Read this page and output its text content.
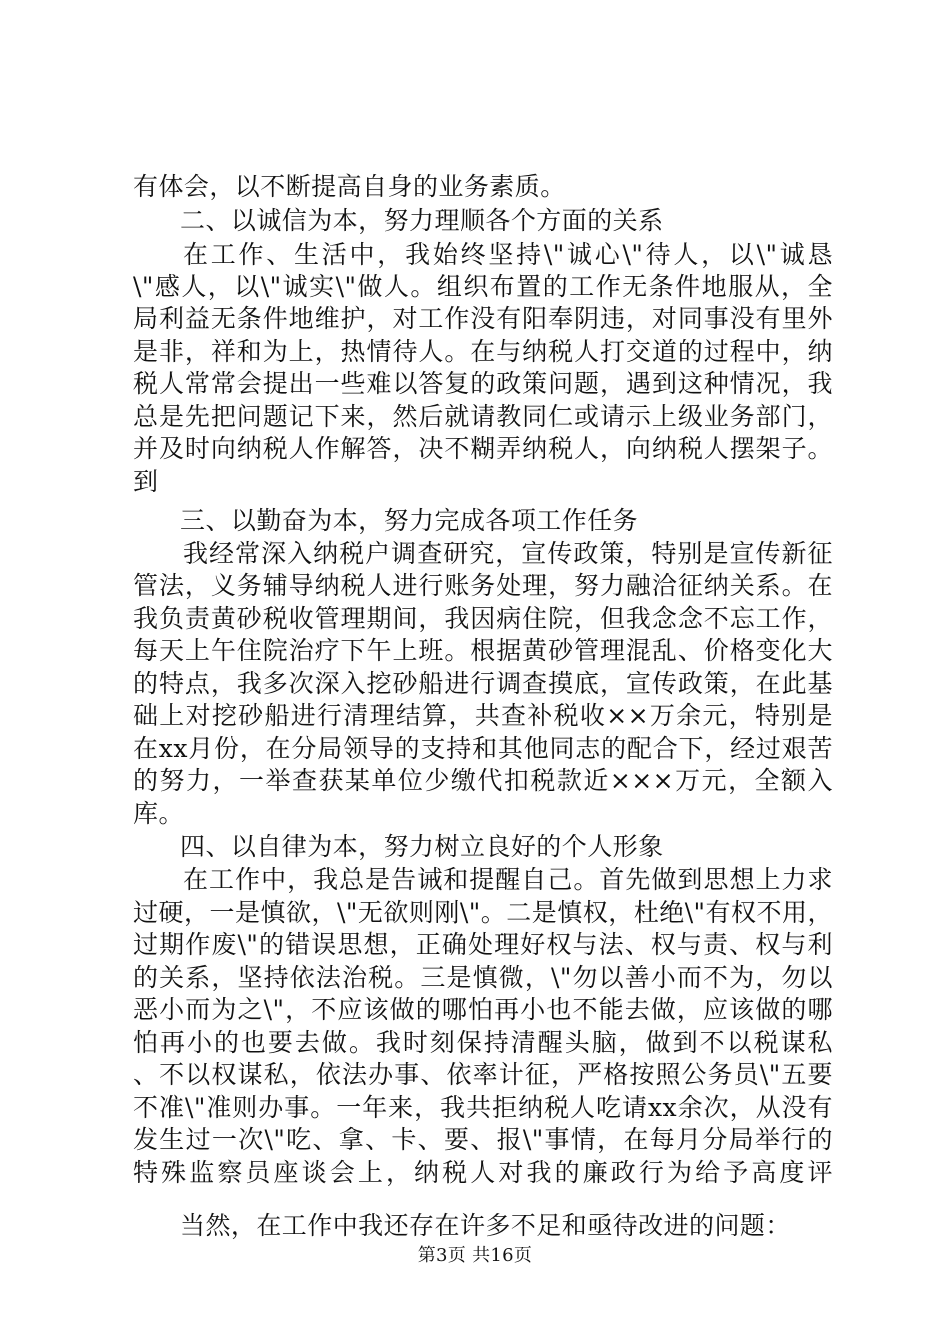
有体会，以不断提高自身的业务素质。
二、以诚信为本，努力理顺各个方面的关系
在工作、生活中，我始终坚持\"诚心\"待人，以\"诚恳
\"感人，以\"诚实\"做人。组织布置的工作无条件地服从，全
局利益无条件地维护，对工作没有阳奉阴违，对同事没有里外
是非，祥和为上，热情待人。在与纳税人打交道的过程中，纳
税人常常会提出一些难以答复的政策问题，遇到这种情况，我
总是先把问题记下来，然后就请教同仁或请示上级业务部门，
并及时向纳税人作解答，决不糊弄纳税人，向纳税人摆架子。
到
三、以勤奋为本，努力完成各项工作任务
我经常深入纳税户调查研究，宣传政策，特别是宣传新征
管法，义务辅导纳税人进行账务处理，努力融洽征纳关系。在
我负责黄砂税收管理期间，我因病住院，但我念念不忘工作，
每天上午住院治疗下午上班。根据黄砂管理混乱、价格变化大
的特点，我多次深入挖砂船进行调查摸底，宣传政策，在此基
础上对挖砂船进行清理结算，共查补税收××万余元，特别是
在xx月份，在分局领导的支持和其他同志的配合下，经过艰苦
的努力，一举查获某单位少缴代扣税款近×××万元，全额入
库。
四、以自律为本，努力树立良好的个人形象
在工作中，我总是告诫和提醒自己。首先做到思想上力求
过硬，一是慎欲，\"无欲则刚\"。二是慎权，杜绝\"有权不用，
过期作废\"的错误思想，正确处理好权与法、权与责、权与利
的关系，坚持依法治税。三是慎微，\"勿以善小而不为，勿以
恶小而为之\"，不应该做的哪怕再小也不能去做，应该做的哪
怕再小的也要去做。我时刻保持清醒头脑，做到不以税谋私
、不以权谋私，依法办事、依率计征，严格按照公务员\"五要
不准\"准则办事。一年来，我共拒纳税人吃请xx余次，从没有
发生过一次\"吃、拿、卡、要、报\"事情，在每月分局举行的
特殊监察员座谈会上，纳税人对我的廉政行为给予高度评
当然，在工作中我还存在许多不足和亟待改进的问题：
第3页 共16页
